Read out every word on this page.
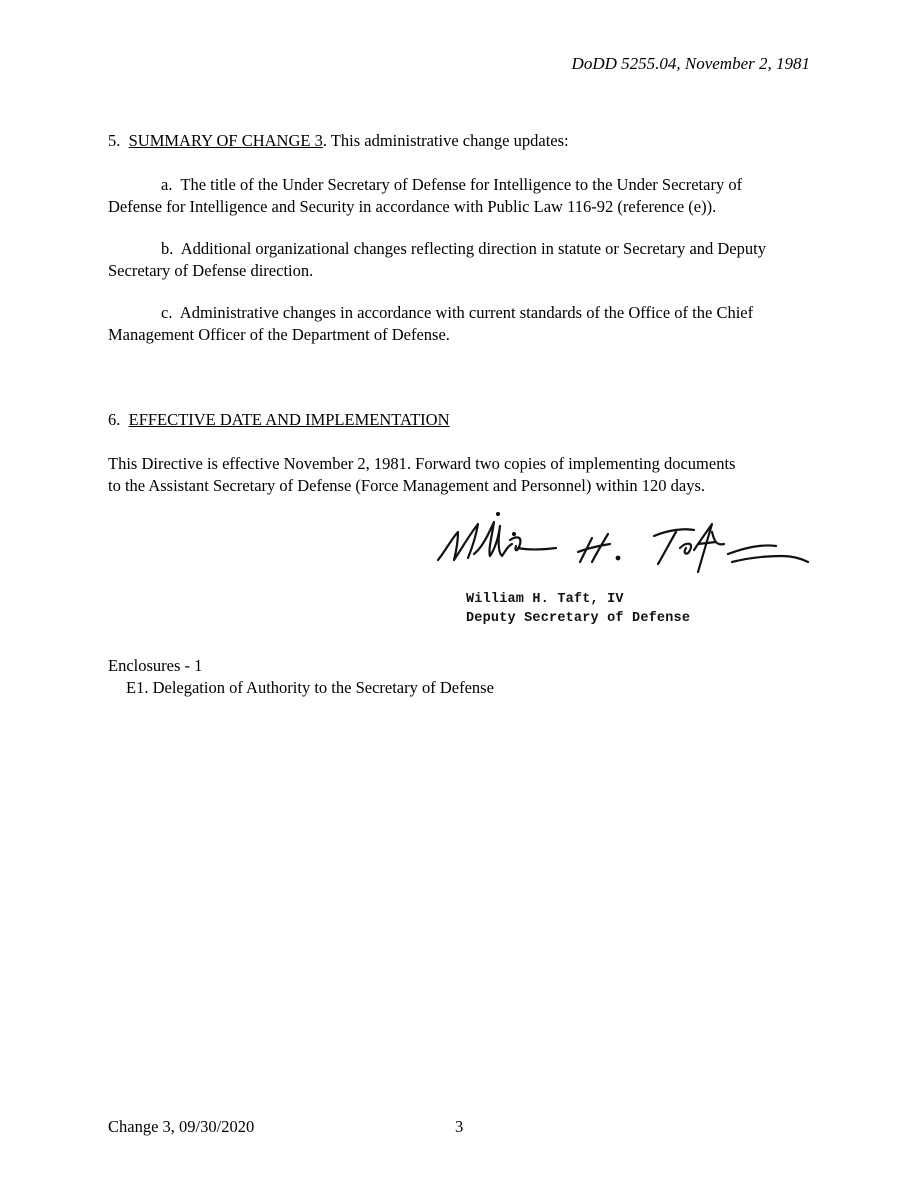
DoDD 5255.04, November 2, 1981
5. SUMMARY OF CHANGE 3. This administrative change updates:
a. The title of the Under Secretary of Defense for Intelligence to the Under Secretary of
Defense for Intelligence and Security in accordance with Public Law 116-92 (reference (e)).
b. Additional organizational changes reflecting direction in statute or Secretary and Deputy
Secretary of Defense direction.
c. Administrative changes in accordance with current standards of the Office of the Chief
Management Officer of the Department of Defense.
6. EFFECTIVE DATE AND IMPLEMENTATION
This Directive is effective November 2, 1981. Forward two copies of implementing documents
to the Assistant Secretary of Defense (Force Management and Personnel) within 120 days.
William H. Taft, IV
Deputy Secretary of Defense
Enclosures - 1
E1. Delegation of Authority to the Secretary of Defense
Change 3, 09/30/2020	3
